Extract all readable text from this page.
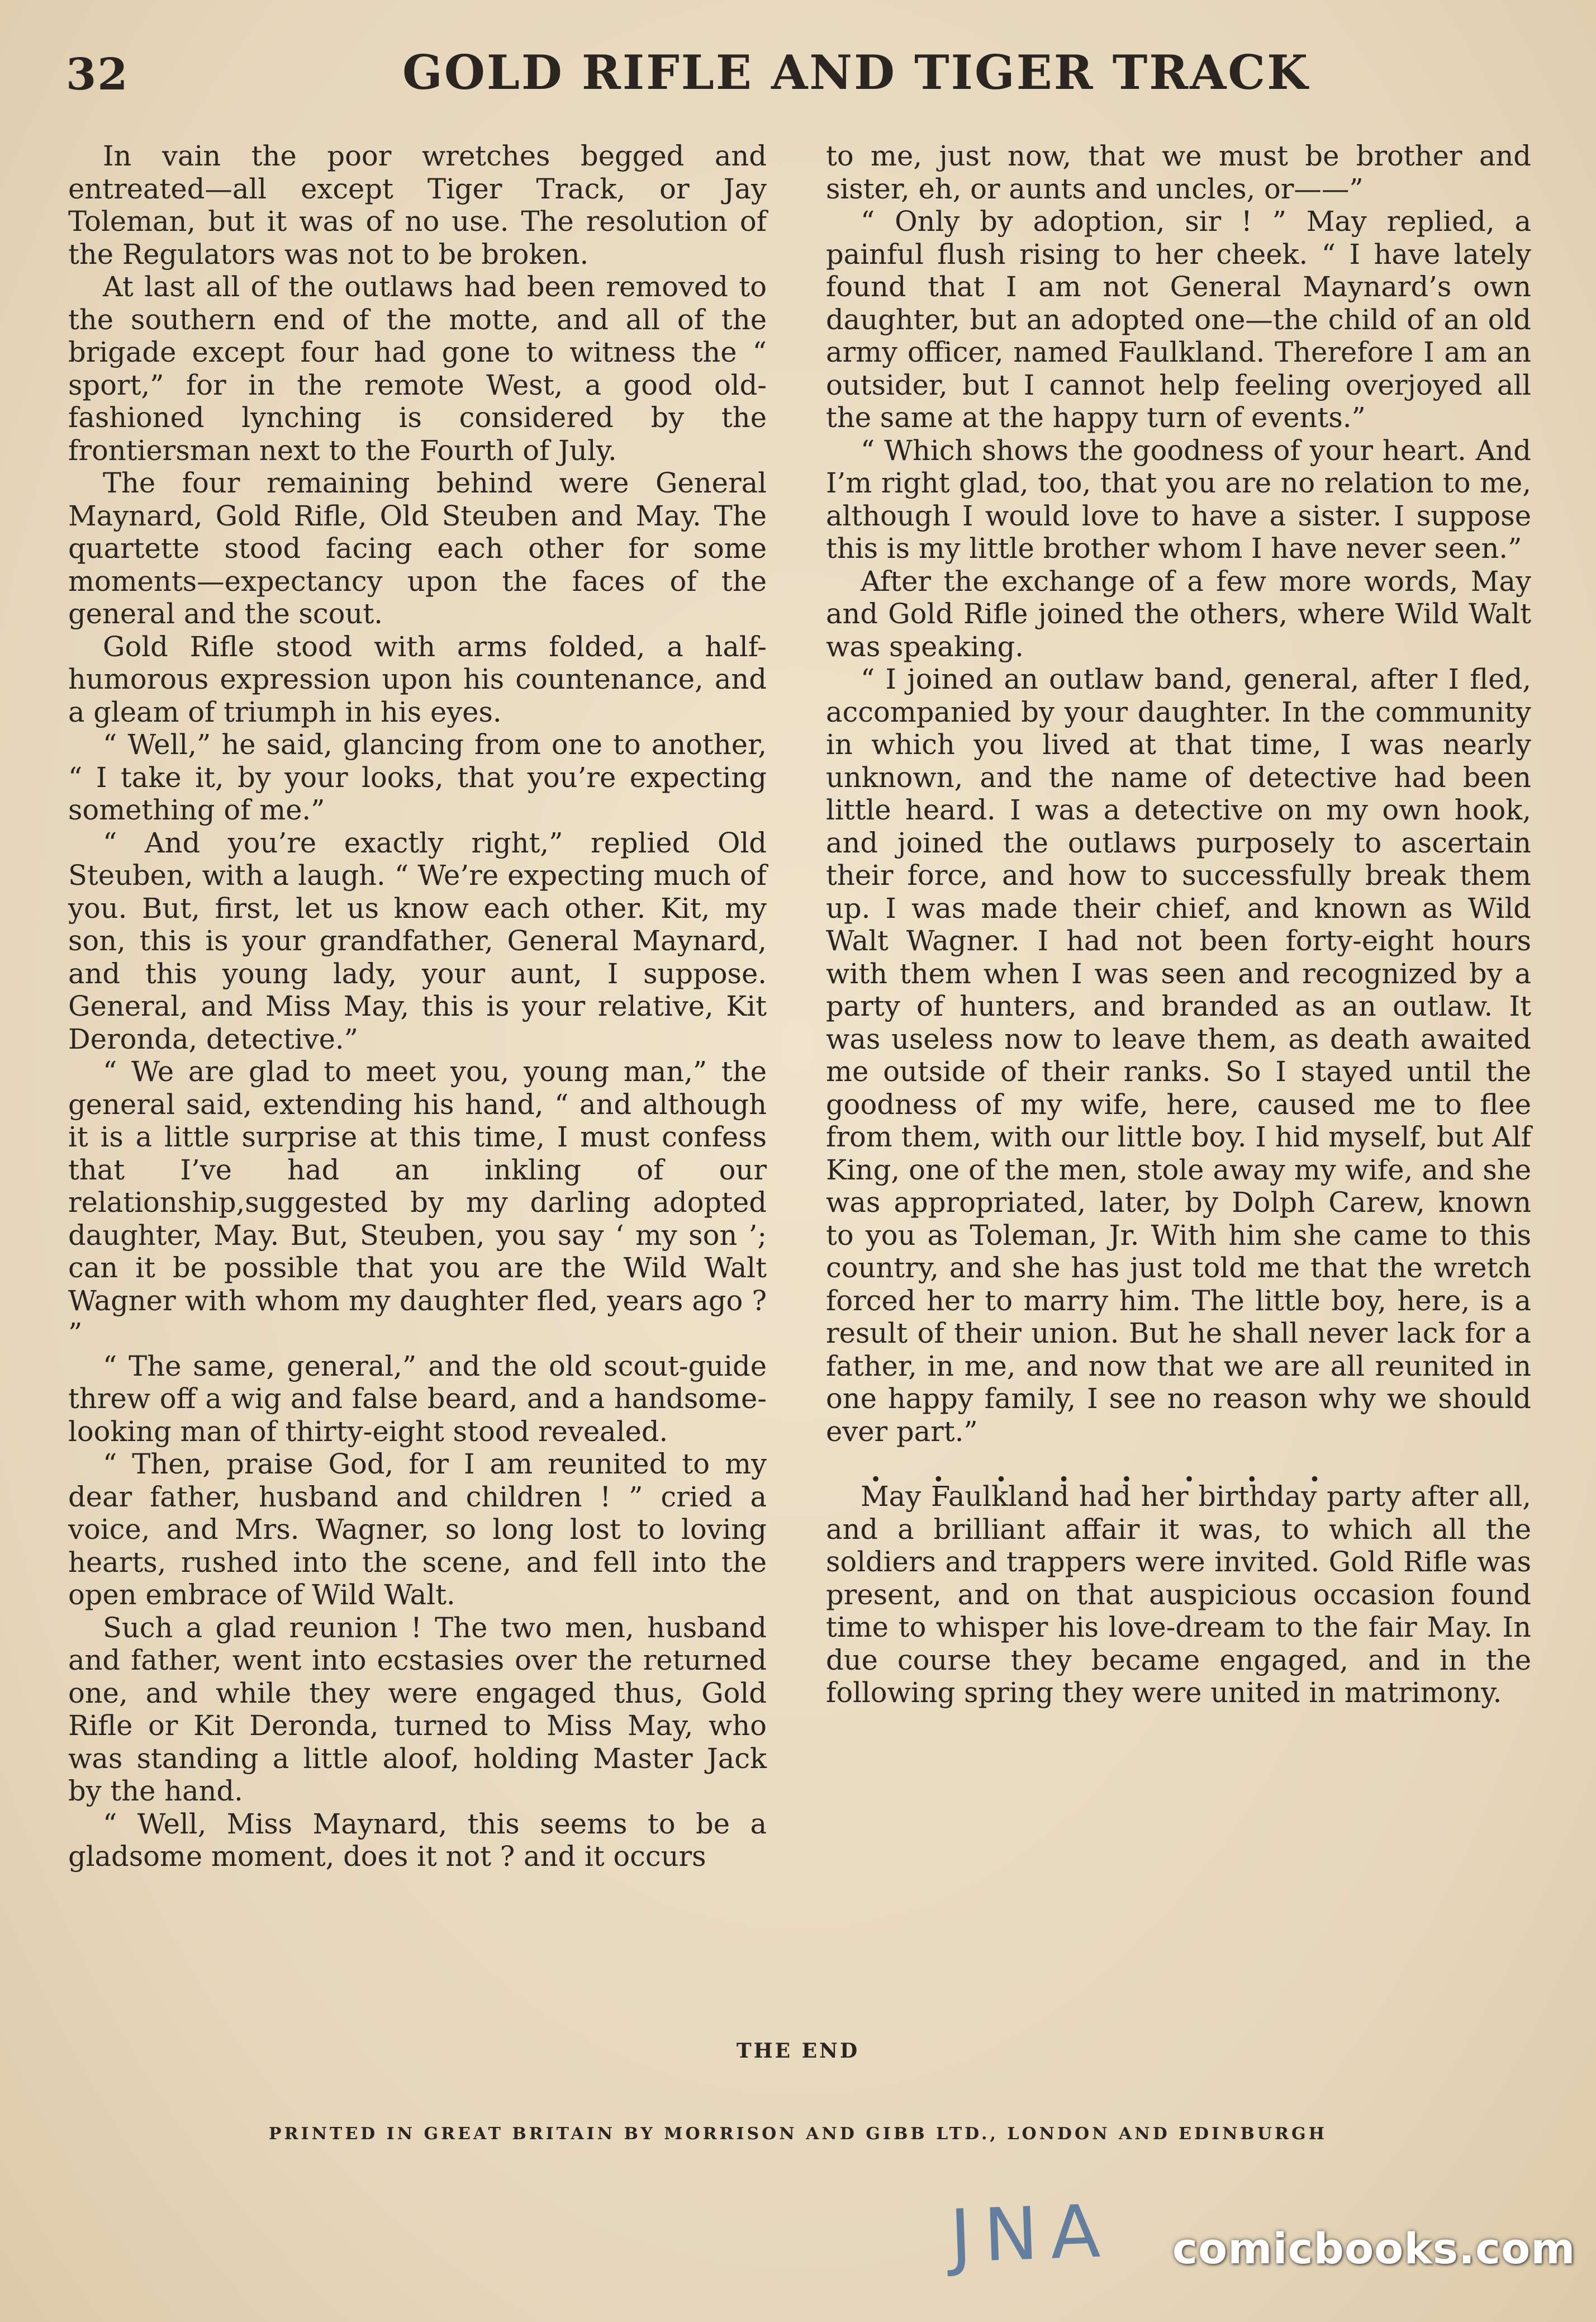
32	GOLD RIFLE AND TIGER TRACK

In vain the poor wretches begged and entreated—all except Tiger Track, or Jay Toleman, but it was of no use. The resolution of the Regulators was not to be broken.

At last all of the outlaws had been removed to the southern end of the motte, and all of the brigade except four had gone to witness the “ sport,” for in the remote West, a good old-fashioned lynching is considered by the frontiersman next to the Fourth of July.

The four remaining behind were General Maynard, Gold Rifle, Old Steuben and May. The quartette stood facing each other for some moments—expectancy upon the faces of the general and the scout.

Gold Rifle stood with arms folded, a half-humorous expression upon his countenance, and a gleam of triumph in his eyes.

“ Well,” he said, glancing from one to another, “ I take it, by your looks, that you’re expecting something of me.”

“ And you’re exactly right,” replied Old Steuben, with a laugh. “ We’re expecting much of you. But, first, let us know each other. Kit, my son, this is your grandfather, General Maynard, and this young lady, your aunt, I suppose. General, and Miss May, this is your relative, Kit Deronda, detective.”

“ We are glad to meet you, young man,” the general said, extending his hand, “ and although it is a little surprise at this time, I must confess that I’ve had an inkling of our relationship,suggested by my darling adopted daughter, May. But, Steuben, you say ‘ my son ’; can it be possible that you are the Wild Walt Wagner with whom my daughter fled, years ago ? ”

“ The same, general,” and the old scout-guide threw off a wig and false beard, and a handsome-looking man of thirty-eight stood revealed.

“ Then, praise God, for I am reunited to my dear father, husband and children ! ” cried a voice, and Mrs. Wagner, so long lost to loving hearts, rushed into the scene, and fell into the open embrace of Wild Walt.

Such a glad reunion ! The two men, husband and father, went into ecstasies over the returned one, and while they were engaged thus, Gold Rifle or Kit Deronda, turned to Miss May, who was standing a little aloof, holding Master Jack by the hand.

“ Well, Miss Maynard, this seems to be a gladsome moment, does it not ? and it occurs

to me, just now, that we must be brother and sister, eh, or aunts and uncles, or——”

“ Only by adoption, sir ! ” May replied, a painful flush rising to her cheek. “ I have lately found that I am not General Maynard’s own daughter, but an adopted one—the child of an old army officer, named Faulkland. Therefore I am an outsider, but I cannot help feeling overjoyed all the same at the happy turn of events.”

“ Which shows the goodness of your heart. And I’m right glad, too, that you are no relation to me, although I would love to have a sister. I suppose this is my little brother whom I have never seen.”

After the exchange of a few more words, May and Gold Rifle joined the others, where Wild Walt was speaking.

“ I joined an outlaw band, general, after I fled, accompanied by your daughter. In the community in which you lived at that time, I was nearly unknown, and the name of detective had been little heard. I was a detective on my own hook, and joined the outlaws purposely to ascertain their force, and how to successfully break them up. I was made their chief, and known as Wild Walt Wagner. I had not been forty-eight hours with them when I was seen and recognized by a party of hunters, and branded as an outlaw. It was useless now to leave them, as death awaited me outside of their ranks. So I stayed until the goodness of my wife, here, caused me to flee from them, with our little boy. I hid myself, but Alf King, one of the men, stole away my wife, and she was appropriated, later, by Dolph Carew, known to you as Toleman, Jr. With him she came to this country, and she has just told me that the wretch forced her to marry him. The little boy, here, is a result of their union. But he shall never lack for a father, in me, and now that we are all reunited in one happy family, I see no reason why we should ever part.”

. . . . . . . .

May Faulkland had her birthday party after all, and a brilliant affair it was, to which all the soldiers and trappers were invited. Gold Rifle was present, and on that auspicious occasion found time to whisper his love-dream to the fair May. In due course they became engaged, and in the following spring they were united in matrimony.

THE END
PRINTED IN GREAT BRITAIN BY MORRISON AND GIBB LTD., LONDON AND EDINBURGH
JNA comicbooks.com
